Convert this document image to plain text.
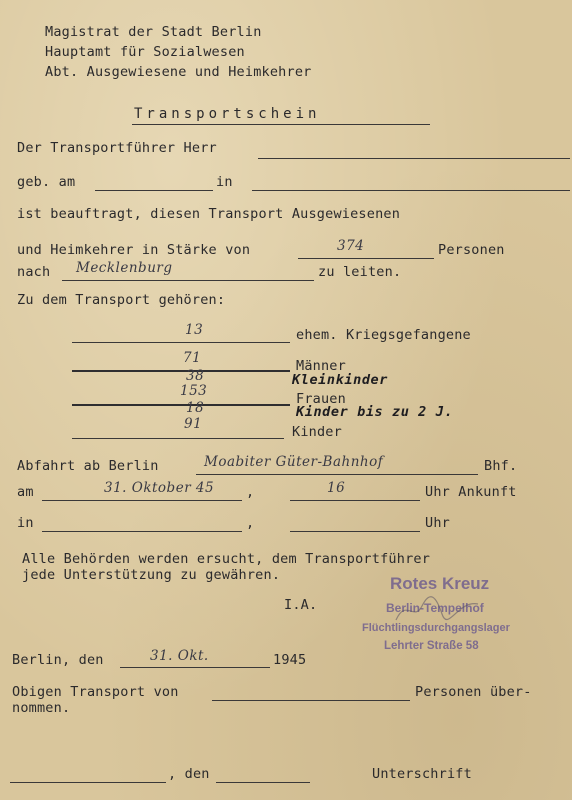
Magistrat der Stadt Berlin
Hauptamt für Sozialwesen
Abt. Ausgewiesene und Heimkehrer
Transportschein
Der Transportführer Herr
geb. am	in
ist beauftragt, diesen Transport Ausgewiesenen
und Heimkehrer in Stärke von	374	Personen
nach Mecklenburg	zu leiten.
Zu dem Transport gehören:
13	ehem. Kriegsgefangene
71	Männer
38	Kleinkinder
153	Frauen
18	Kinder bis zu 2 J.
91	Kinder
Abfahrt ab Berlin	Moabiter Güter-Bahnhof	Bhf.
am	31. Oktober 45 ,	16	Uhr Ankunft
in	,	Uhr
Alle Behörden werden ersucht, dem Transportführer
jede Unterstützung zu gewähren.
I.A.
Rotes Kreuz
Berlin-Tempelhof
Flüchtlingsdurchgangslager
Lehrter Straße 58
Berlin, den	31. Okt.	1945
Obigen Transport von	Personen über-
nommen.
, den	Unterschrift
